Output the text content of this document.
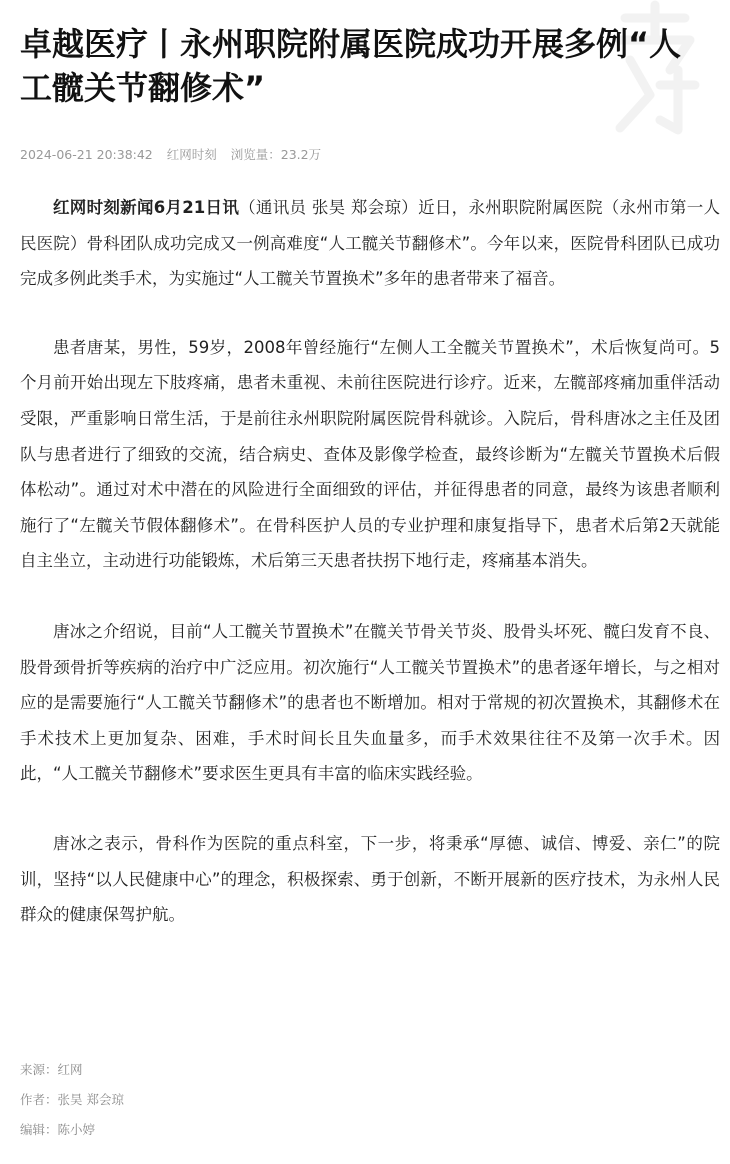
卓越医疗丨永州职院附属医院成功开展多例“人工髋关节翻修术”
2024-06-21 20:38:42 红网时刻 浏览量：23.2万

红网时刻新闻6月21日讯（通讯员 张昊 郑会琼）近日，永州职院附属医院（永州市第一人民医院）骨科团队成功完成又一例高难度“人工髋关节翻修术”。今年以来，医院骨科团队已成功完成多例此类手术，为实施过“人工髋关节置换术”多年的患者带来了福音。

患者唐某，男性，59岁，2008年曾经施行“左侧人工全髋关节置换术”，术后恢复尚可。5个月前开始出现左下肢疼痛，患者未重视、未前往医院进行诊疗。近来，左髋部疼痛加重伴活动受限，严重影响日常生活，于是前往永州职院附属医院骨科就诊。入院后，骨科唐冰之主任及团队与患者进行了细致的交流，结合病史、查体及影像学检查，最终诊断为“左髋关节置换术后假体松动”。通过对术中潜在的风险进行全面细致的评估，并征得患者的同意，最终为该患者顺利施行了“左髋关节假体翻修术”。在骨科医护人员的专业护理和康复指导下，患者术后第2天就能自主坐立，主动进行功能锻炼，术后第三天患者扶拐下地行走，疼痛基本消失。

唐冰之介绍说，目前“人工髋关节置换术”在髋关节骨关节炎、股骨头坏死、髋臼发育不良、股骨颈骨折等疾病的治疗中广泛应用。初次施行“人工髋关节置换术”的患者逐年增长，与之相对应的是需要施行“人工髋关节翻修术”的患者也不断增加。相对于常规的初次置换术，其翻修术在手术技术上更加复杂、困难，手术时间长且失血量多，而手术效果往往不及第一次手术。因此，“人工髋关节翻修术”要求医生更具有丰富的临床实践经验。

唐冰之表示，骨科作为医院的重点科室，下一步，将秉承“厚德、诚信、博爱、亲仁”的院训，坚持“以人民健康中心”的理念，积极探索、勇于创新，不断开展新的医疗技术，为永州人民群众的健康保驾护航。

来源：红网
作者：张昊 郑会琼
编辑：陈小婷
